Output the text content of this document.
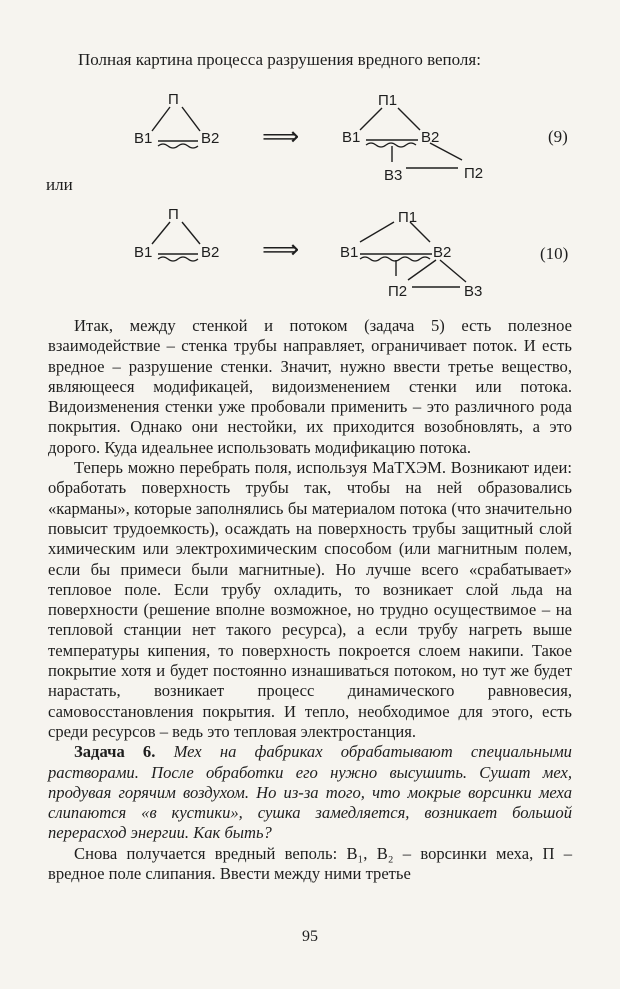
Полная картина процесса разрушения вредного веполя:
П
В1	В2 ⟹
П1
В1	В2
В3	П2
П
В1	В2 ⟹
П1
В1	В2
П2	В3
(9)
или
(10)

Итак, между стенкой и потоком (задача 5) есть полезное взаимодействие – стенка трубы направляет, ограничивает поток. И есть вредное – разрушение стенки. Значит, нужно ввести третье вещество, являющееся модификацей, видоизменением стенки или потока. Видоизменения стенки уже пробовали применить – это различного рода покрытия. Однако они нестойки, их приходится возобновлять, а это дорого. Куда идеальнее использовать модификацию потока.

Теперь можно перебрать поля, используя МаТХЭМ. Возникают идеи: обработать поверхность трубы так, чтобы на ней образовались «карманы», которые заполнялись бы материалом потока (что значительно повысит трудоемкость), осаждать на поверхность трубы защитный слой химическим или электрохимическим способом (или магнитным полем, если бы примеси были магнитные). Но лучше всего «срабатывает» тепловое поле. Если трубу охладить, то возникает слой льда на поверхности (решение вполне возможное, но трудно осуществимое – на тепловой станции нет такого ресурса), а если трубу нагреть выше температуры кипения, то поверхность покроется слоем накипи. Такое покрытие хотя и будет постоянно изнашиваться потоком, но тут же будет нарастать, возникает процесс динамического равновесия, самовосстановления покрытия. И тепло, необходимое для этого, есть среди ресурсов – ведь это тепловая электростанция.

Задача 6. Мех на фабриках обрабатывают специальными растворами. После обработки его нужно высушить. Сушат мех, продувая горячим воздухом. Но из-за того, что мокрые ворсинки меха слипаются «в кустики», сушка замедляется, возникает большой перерасход энергии. Как быть?

Снова получается вредный веполь: В₁, В₂ – ворсинки меха, П – вредное поле слипания. Ввести между ними третье

95
